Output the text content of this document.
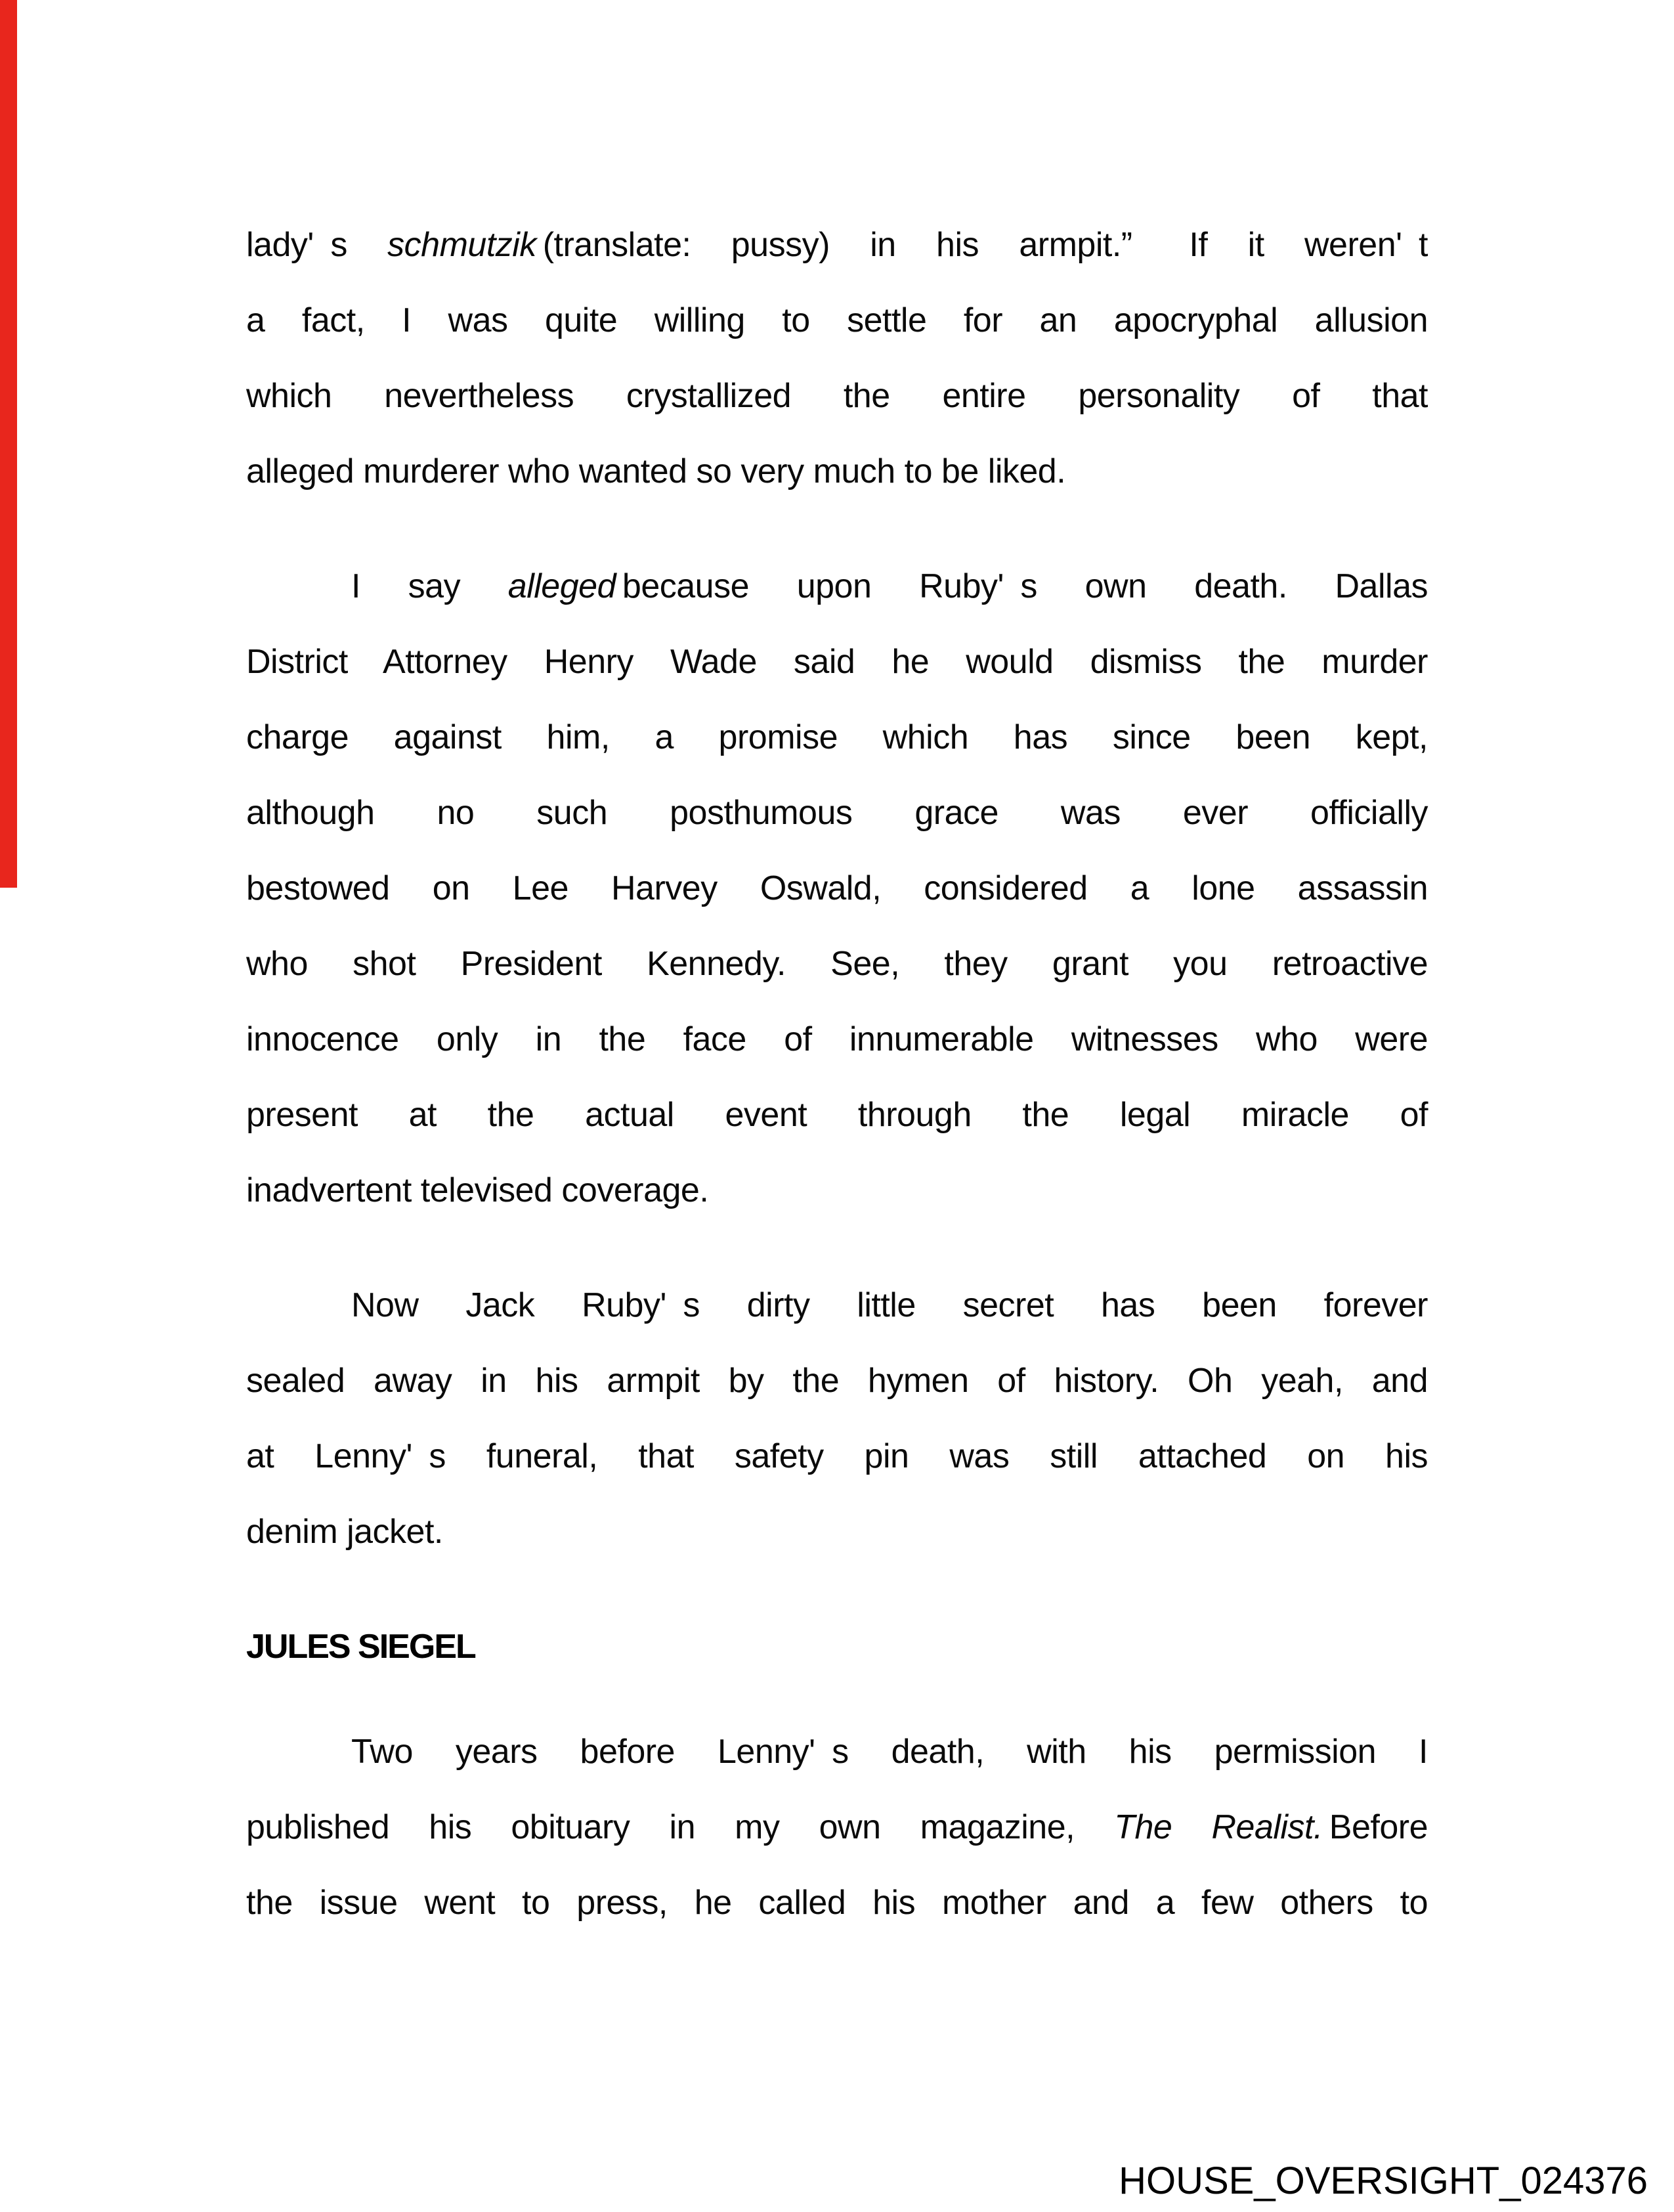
lady' s schmutzik (translate: pussy) in his armpit.”  If it weren' t
a fact, I was quite willing to settle for an apocryphal allusion
which nevertheless crystallized the entire personality of that
alleged murderer who wanted so very much to be liked.
I say alleged because upon Ruby' s own death. Dallas
District Attorney Henry Wade said he would dismiss the murder
charge against him, a promise which has since been kept,
although no such posthumous grace was ever officially
bestowed on Lee Harvey Oswald, considered a lone assassin
who shot President Kennedy. See, they grant you retroactive
innocence only in the face of innumerable witnesses who were
present at the actual event through the legal miracle of
inadvertent televised coverage.
Now Jack Ruby' s dirty little secret has been forever
sealed away in his armpit by the hymen of history. Oh yeah, and
at Lenny' s funeral, that safety pin was still attached on his
denim jacket.
JULES SIEGEL
Two years before Lenny' s death, with his permission I
published his obituary in my own magazine, The Realist. Before
the issue went to press, he called his mother and a few others to
HOUSE_OVERSIGHT_024376
